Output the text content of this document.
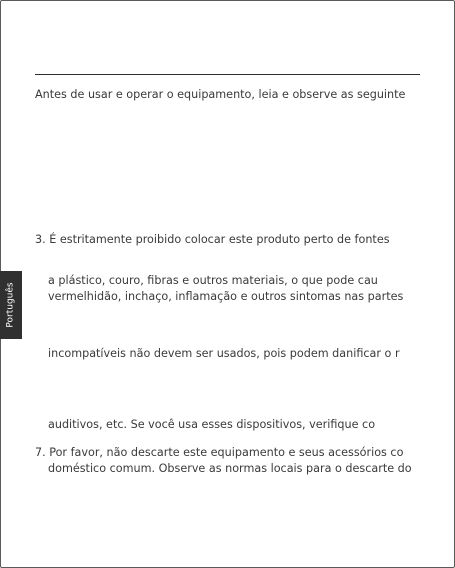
Antes de usar e operar o equipamento, leia e observe as seguinte
3. É estritamente proibido colocar este produto perto de fontes
a plástico, couro, fibras e outros materiais, o que pode cau
vermelhidão, inchaço, inflamação e outros sintomas nas partes
incompatíveis não devem ser usados, pois podem danificar o r
auditivos, etc. Se você usa esses dispositivos, verifique co
7. Por favor, não descarte este equipamento e seus acessórios co
doméstico comum. Observe as normas locais para o descarte do
Português
